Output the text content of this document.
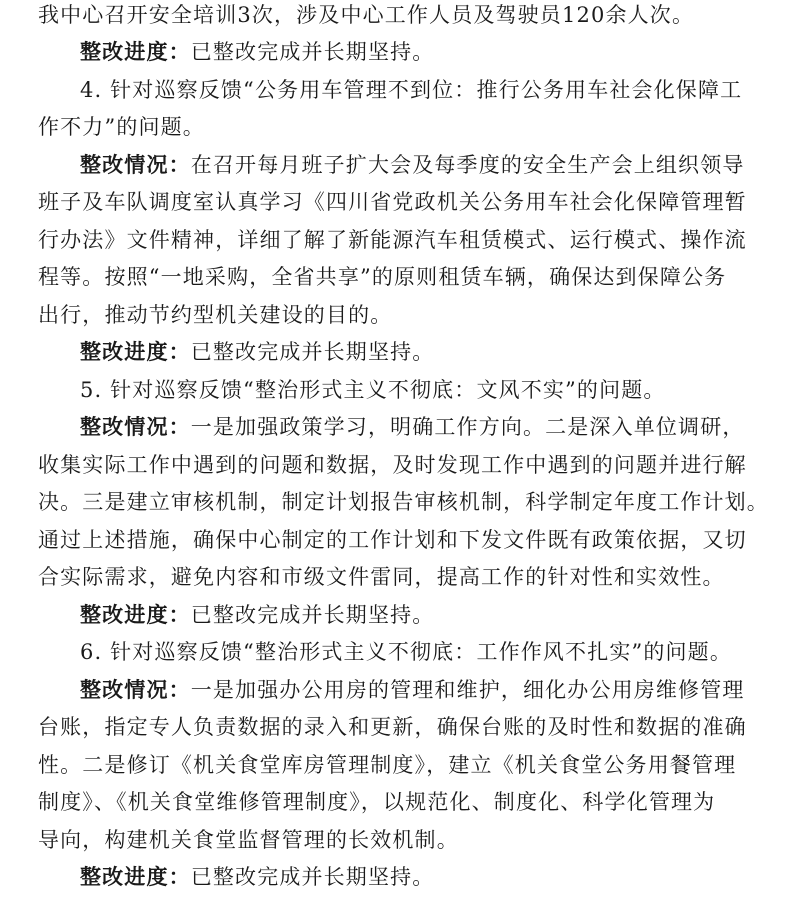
我中心召开安全培训3次，涉及中心工作人员及驾驶员120余人次。
整改进度：已整改完成并长期坚持。
4. 针对巡察反馈“公务用车管理不到位：推行公务用车社会化保障工
作不力”的问题。
整改情况：在召开每月班子扩大会及每季度的安全生产会上组织领导
班子及车队调度室认真学习《四川省党政机关公务用车社会化保障管理暂
行办法》文件精神，详细了解了新能源汽车租赁模式、运行模式、操作流
程等。按照“一地采购，全省共享”的原则租赁车辆，确保达到保障公务
出行，推动节约型机关建设的目的。
整改进度：已整改完成并长期坚持。
5. 针对巡察反馈“整治形式主义不彻底：文风不实”的问题。
整改情况：一是加强政策学习，明确工作方向。二是深入单位调研，
收集实际工作中遇到的问题和数据，及时发现工作中遇到的问题并进行解
决。三是建立审核机制，制定计划报告审核机制，科学制定年度工作计划。
通过上述措施，确保中心制定的工作计划和下发文件既有政策依据，又切
合实际需求，避免内容和市级文件雷同，提高工作的针对性和实效性。
整改进度：已整改完成并长期坚持。
6. 针对巡察反馈“整治形式主义不彻底：工作作风不扎实”的问题。
整改情况：一是加强办公用房的管理和维护，细化办公用房维修管理
台账，指定专人负责数据的录入和更新，确保台账的及时性和数据的准确
性。二是修订《机关食堂库房管理制度》，建立《机关食堂公务用餐管理
制度》、《机关食堂维修管理制度》，以规范化、制度化、科学化管理为
导向，构建机关食堂监督管理的长效机制。
整改进度：已整改完成并长期坚持。
